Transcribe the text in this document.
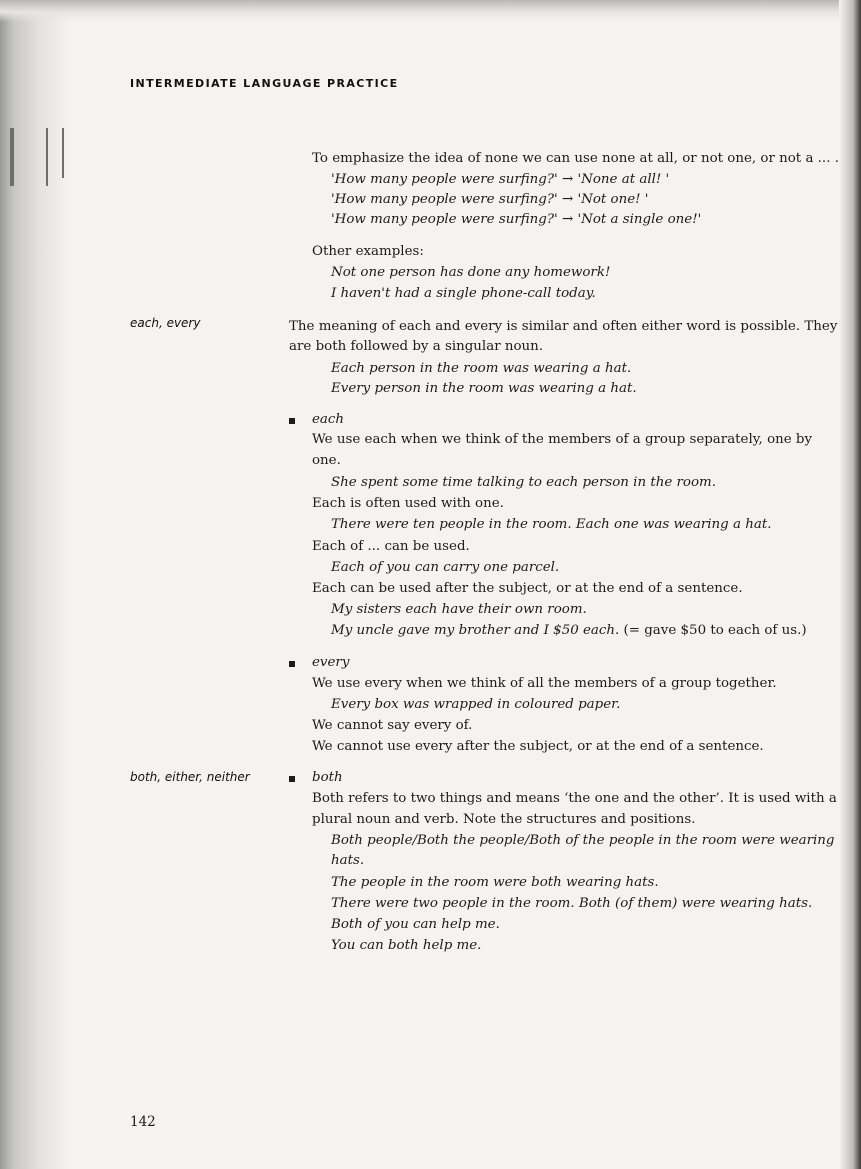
INTERMEDIATE LANGUAGE PRACTICE
each, every
both, either, neither
To emphasize the idea of none we can use none at all, or not one, or not a ... .
'How many people were surfing?' → 'None at all! '
'How many people were surfing?' → 'Not one! '
'How many people were surfing?' → 'Not a single one!'
Other examples:
Not one person has done any homework!
I haven't had a single phone-call today.
The meaning of each and every is similar and often either word is possible. They
are both followed by a singular noun.
Each person in the room was wearing a hat.
Every person in the room was wearing a hat.
each
We use each when we think of the members of a group separately, one by
one.
She spent some time talking to each person in the room.
Each is often used with one.
There were ten people in the room. Each one was wearing a hat.
Each of ... can be used.
Each of you can carry one parcel.
Each can be used after the subject, or at the end of a sentence.
My sisters each have their own room.
My uncle gave my brother and I $50 each. (= gave $50 to each of us.)
every
We use every when we think of all the members of a group together.
Every box was wrapped in coloured paper.
We cannot say every of.
We cannot use every after the subject, or at the end of a sentence.
both
Both refers to two things and means ‘the one and the other’. It is used with a
plural noun and verb. Note the structures and positions.
Both people/Both the people/Both of the people in the room were wearing
hats.
The people in the room were both wearing hats.
There were two people in the room. Both (of them) were wearing hats.
Both of you can help me.
You can both help me.
142
